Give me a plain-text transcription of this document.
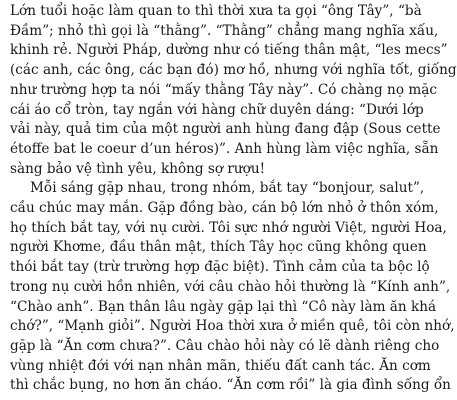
Lớn tuổi hoặc làm quan to thì thời xưa ta gọi “ông Tây”, “bà
Đầm”; nhỏ thì gọi là “thằng”. “Thằng” chẳng mang nghĩa xấu,
khinh rẻ. Người Pháp, dường như có tiếng thân mật, “les mecs”
(các anh, các ông, các bạn đó) mơ hồ, nhưng với nghĩa tốt, giống
như trường hợp ta nói “mấy thằng Tây này”. Có chàng nọ mặc
cái áo cổ tròn, tay ngắn với hàng chữ duyên dáng: “Dưới lớp
vải này, quả tim của một người anh hùng đang đập (Sous cette
étoffe bat le coeur d’un héros)”. Anh hùng làm việc nghĩa, sẵn
sàng bảo vệ tình yêu, không sợ rượu!
Mỗi sáng gặp nhau, trong nhóm, bắt tay “bonjour, salut”,
cầu chúc may mắn. Gặp đồng bào, cán bộ lớn nhỏ ở thôn xóm,
họ thích bắt tay, với nụ cười. Tôi sực nhớ người Việt, người Hoa,
người Khơme, đầu thân mật, thích Tây học cũng không quen
thói bắt tay (trừ trường hợp đặc biệt). Tình cảm của ta bộc lộ
trong nụ cười hồn nhiên, với câu chào hỏi thường là “Kính anh”,
“Chào anh”. Bạn thân lâu ngày gặp lại thì “Cô này làm ăn khá
chớ?”, “Mạnh giỏi”. Người Hoa thời xưa ở miền quê, tôi còn nhớ,
gặp là “Ăn cơm chưa?”. Câu chào hỏi này có lẽ dành riêng cho
vùng nhiệt đới với nạn nhân mãn, thiếu đất canh tác. Ăn cơm
thì chắc bụng, no hơn ăn cháo. “Ăn cơm rồi” là gia đình sống ổn
